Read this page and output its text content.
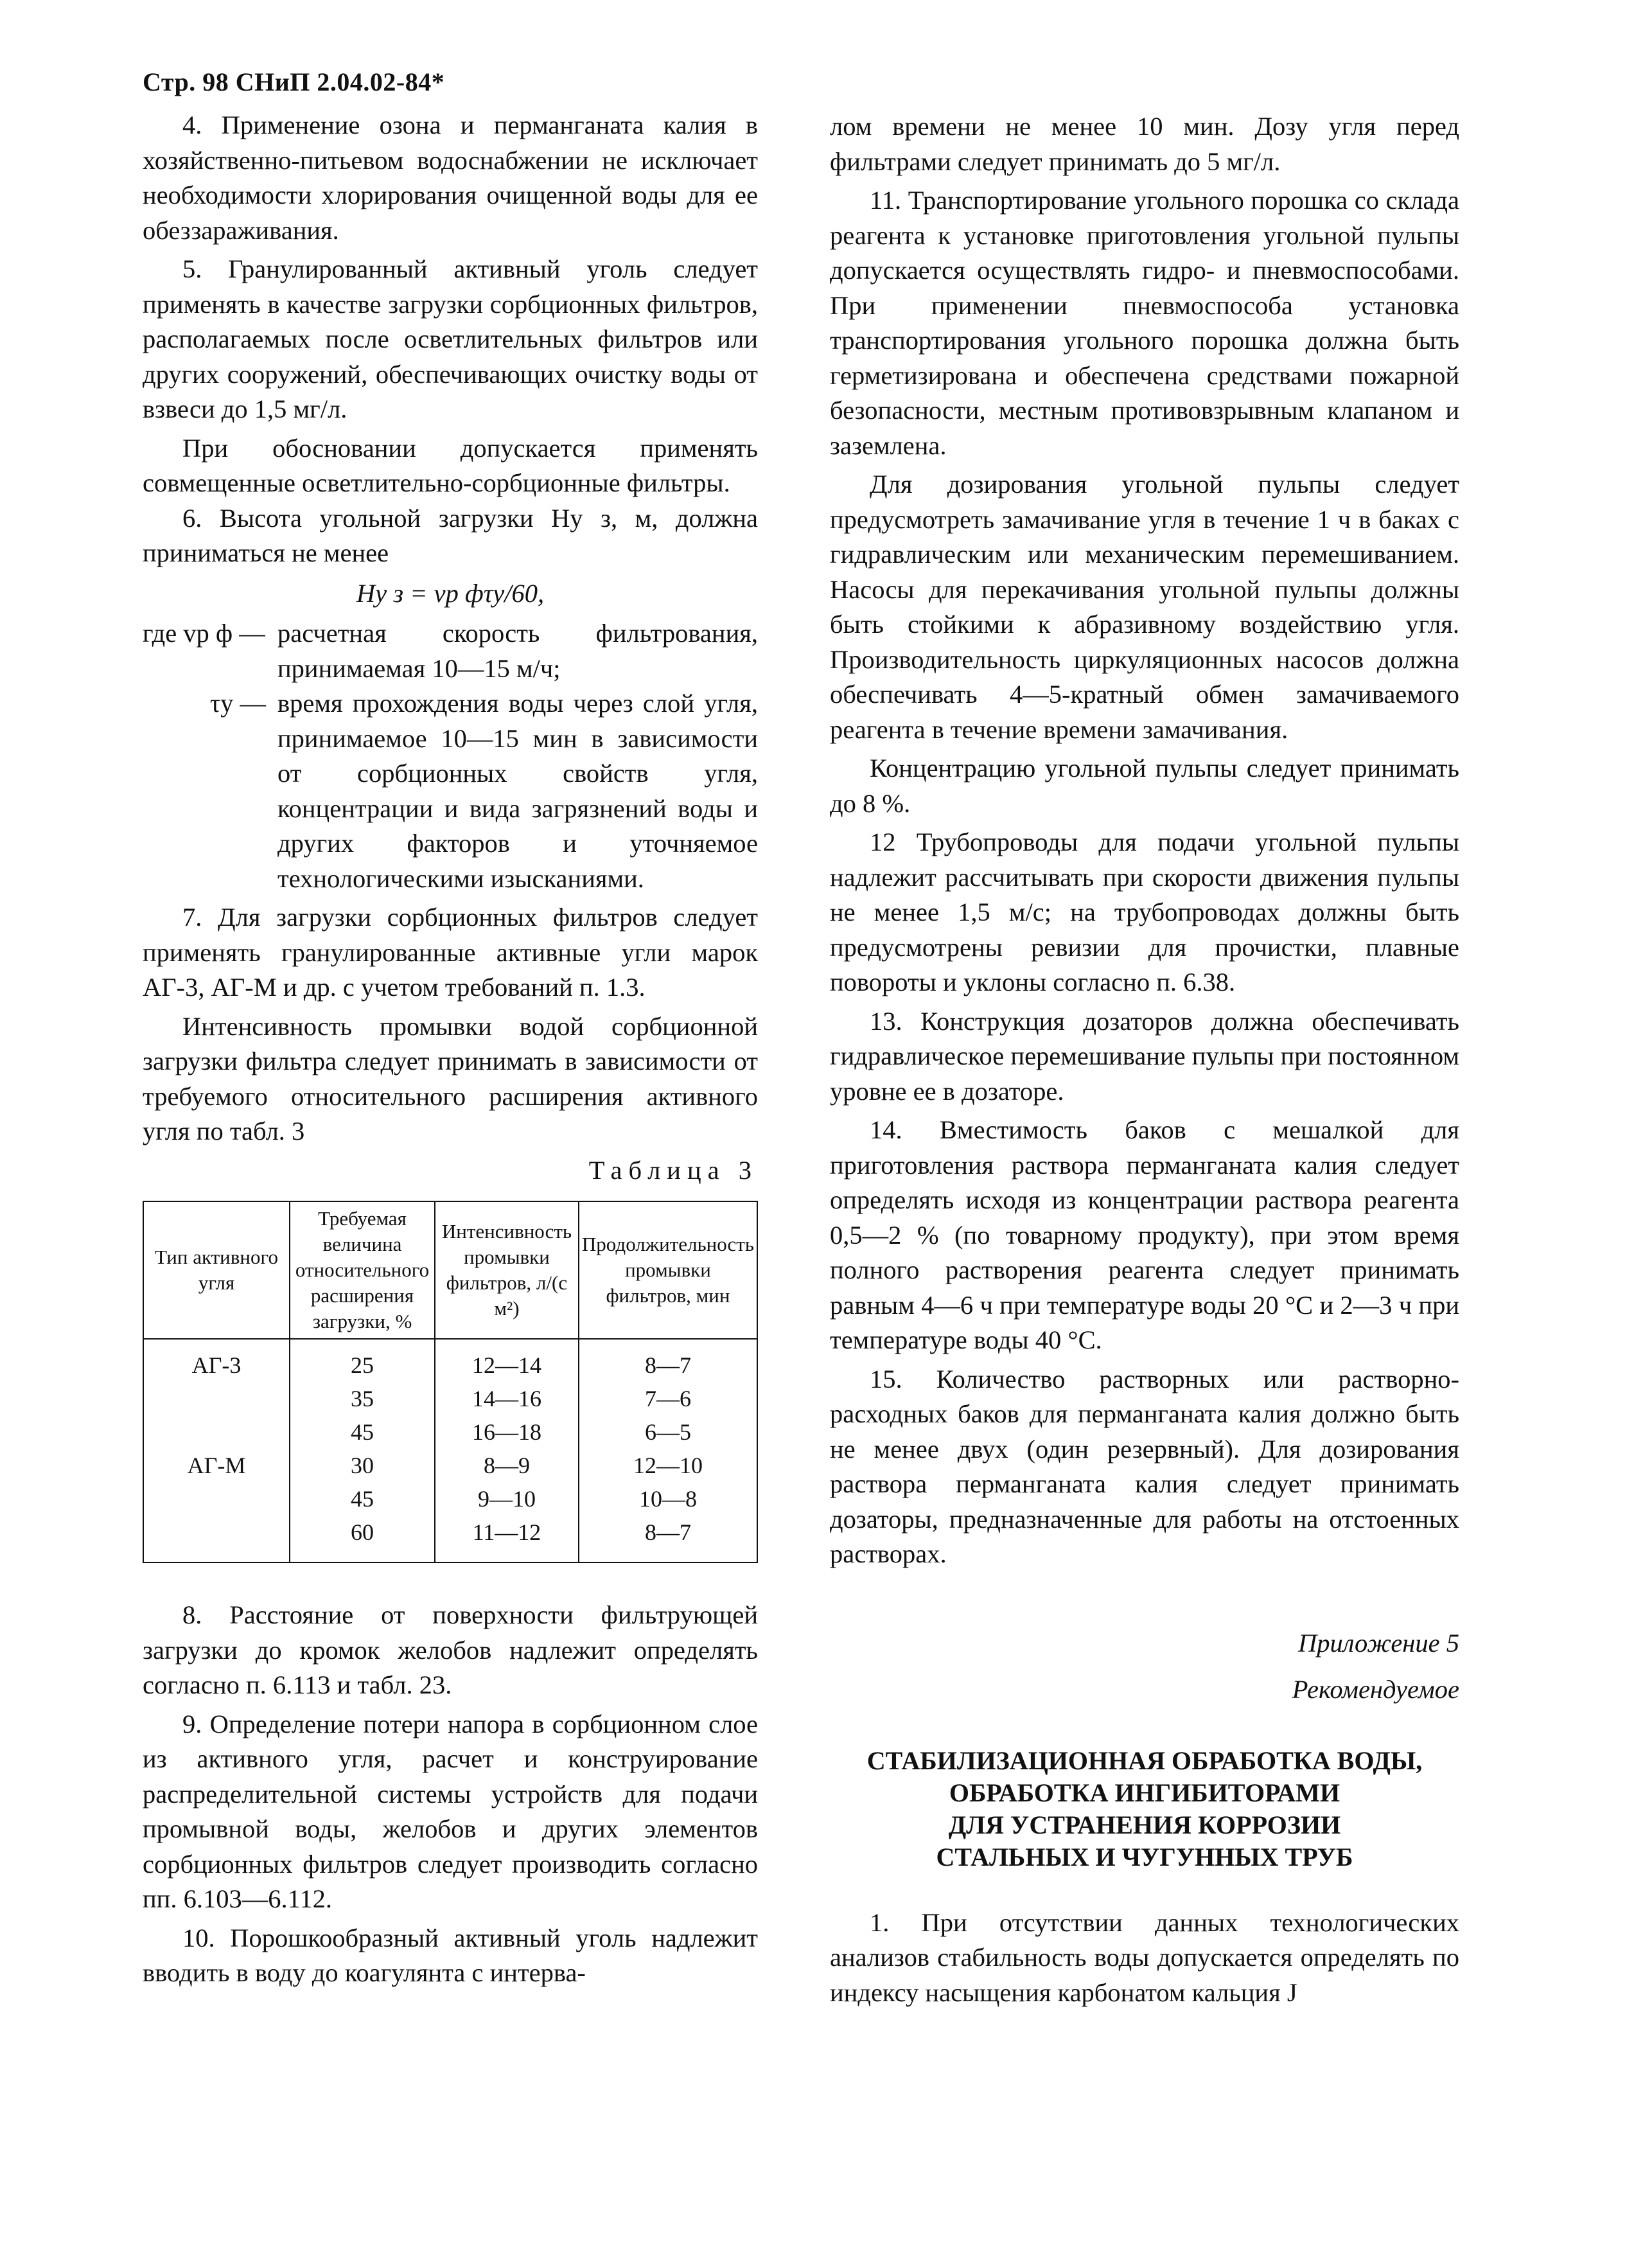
Стр. 98 СНиП 2.04.02-84*

4. Применение озона и перманганата калия в хозяйственно-питьевом водоснабжении не исключает необходимости хлорирования очищенной воды для ее обеззараживания.

5. Гранулированный активный уголь следует применять в качестве загрузки сорбционных фильтров, располагаемых после осветлительных фильтров или других сооружений, обеспечивающих очистку воды от взвеси до 1,5 мг/л.

При обосновании допускается применять совмещенные осветлительно-сорбционные фильтры.

6. Высота угольной загрузки Hу з, м, должна приниматься не менее

Hу з = vр фτу/60,
где vр ф — расчетная скорость фильтрования, принимаемая 10—15 м/ч;
τу — время прохождения воды через слой угля, принимаемое 10—15 мин в зависимости от сорбционных свойств угля, концентрации и вида загрязнений воды и других факторов и уточняемое технологическими изысканиями.

7. Для загрузки сорбционных фильтров следует применять гранулированные активные угли марок АГ-3, АГ-М и др. с учетом требований п. 1.3.

Интенсивность промывки водой сорбционной загрузки фильтра следует принимать в зависимости от требуемого относительного расширения активного угля по табл. 3

Таблица 3
Тип активного угля	Требуемая величина относительного расширения загрузки, %	Интенсивность промывки фильтров, л/(с м²)	Продолжительность промывки фильтров, мин
АГ-3	25	12—14	8—7
	35	14—16	7—6
	45	16—18	6—5
АГ-М	30	8—9	12—10
	45	9—10	10—8
	60	11—12	8—7

8. Расстояние от поверхности фильтрующей загрузки до кромок желобов надлежит определять согласно п. 6.113 и табл. 23.

9. Определение потери напора в сорбционном слое из активного угля, расчет и конструирование распределительной системы устройств для подачи промывной воды, желобов и других элементов сорбционных фильтров следует производить согласно пп. 6.103—6.112.

10. Порошкообразный активный уголь надлежит вводить в воду до коагулянта с интерва-

лом времени не менее 10 мин. Дозу угля перед фильтрами следует принимать до 5 мг/л.

11. Транспортирование угольного порошка со склада реагента к установке приготовления угольной пульпы допускается осуществлять гидро- и пневмоспособами. При применении пневмоспособа установка транспортирования угольного порошка должна быть герметизирована и обеспечена средствами пожарной безопасности, местным противовзрывным клапаном и заземлена.

Для дозирования угольной пульпы следует предусмотреть замачивание угля в течение 1 ч в баках с гидравлическим или механическим перемешиванием. Насосы для перекачивания угольной пульпы должны быть стойкими к абразивному воздействию угля. Производительность циркуляционных насосов должна обеспечивать 4—5-кратный обмен замачиваемого реагента в течение времени замачивания.

Концентрацию угольной пульпы следует принимать до 8 %.

12 Трубопроводы для подачи угольной пульпы надлежит рассчитывать при скорости движения пульпы не менее 1,5 м/с; на трубопроводах должны быть предусмотрены ревизии для прочистки, плавные повороты и уклоны согласно п. 6.38.

13. Конструкция дозаторов должна обеспечивать гидравлическое перемешивание пульпы при постоянном уровне ее в дозаторе.

14. Вместимость баков с мешалкой для приготовления раствора перманганата калия следует определять исходя из концентрации раствора реагента 0,5—2 % (по товарному продукту), при этом время полного растворения реагента следует принимать равным 4—6 ч при температуре воды 20 °С и 2—3 ч при температуре воды 40 °С.

15. Количество растворных или растворно-расходных баков для перманганата калия должно быть не менее двух (один резервный). Для дозирования раствора перманганата калия следует принимать дозаторы, предназначенные для работы на отстоенных растворах.

Приложение 5
Рекомендуемое
СТАБИЛИЗАЦИОННАЯ ОБРАБОТКА ВОДЫ,
ОБРАБОТКА ИНГИБИТОРАМИ
ДЛЯ УСТРАНЕНИЯ КОРРОЗИИ
СТАЛЬНЫХ И ЧУГУННЫХ ТРУБ

1. При отсутствии данных технологических анализов стабильность воды допускается определять по индексу насыщения карбонатом кальция J
